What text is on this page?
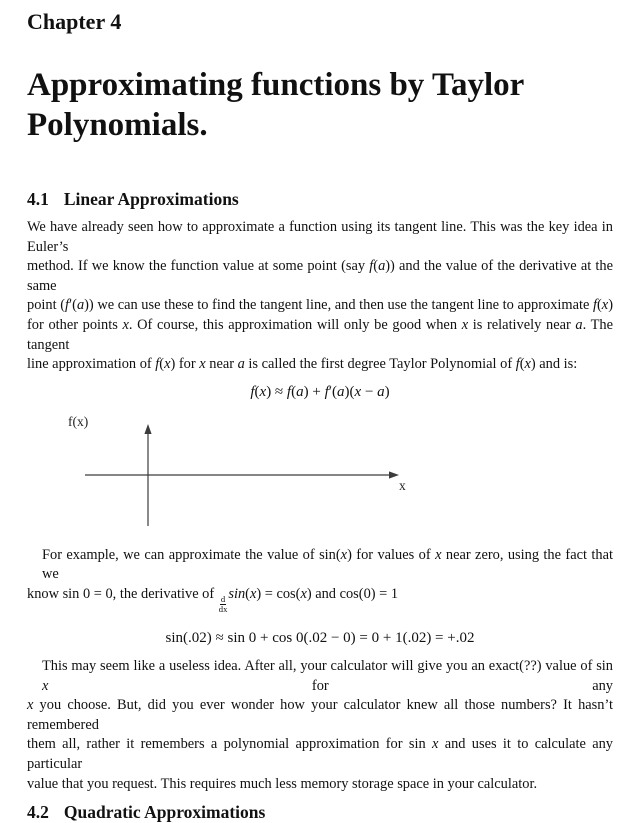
Chapter 4
Approximating functions by Taylor
Polynomials.
4.1 Linear Approximations
We have already seen how to approximate a function using its tangent line. This was the key idea in Euler’s
method. If we know the function value at some point (say f(a)) and the value of the derivative at the same
point (f′(a)) we can use these to find the tangent line, and then use the tangent line to approximate f(x)
for other points x. Of course, this approximation will only be good when x is relatively near a. The tangent
line approximation of f(x) for x near a is called the first degree Taylor Polynomial of f(x) and is:
f(x) ≈ f(a) + f′(a)(x − a)
f(x)
x
For example, we can approximate the value of sin(x) for values of x near zero, using the fact that we
know sin 0 = 0, the derivative of
$\frac{d}{dx}$
sin(x) = cos(x) and cos(0) = 1
sin(.02) ≈ sin 0 + cos 0(.02 − 0) = 0 + 1(.02) = +.02
This may seem like a useless idea. After all, your calculator will give you an exact(??) value of sin x for any
x you choose. But, did you ever wonder how your calculator knew all those numbers? It hasn’t remembered
them all, rather it remembers a polynomial approximation for sin x and uses it to calculate any particular
value that you request. This requires much less memory storage space in your calculator.
4.2 Quadratic Approximations
